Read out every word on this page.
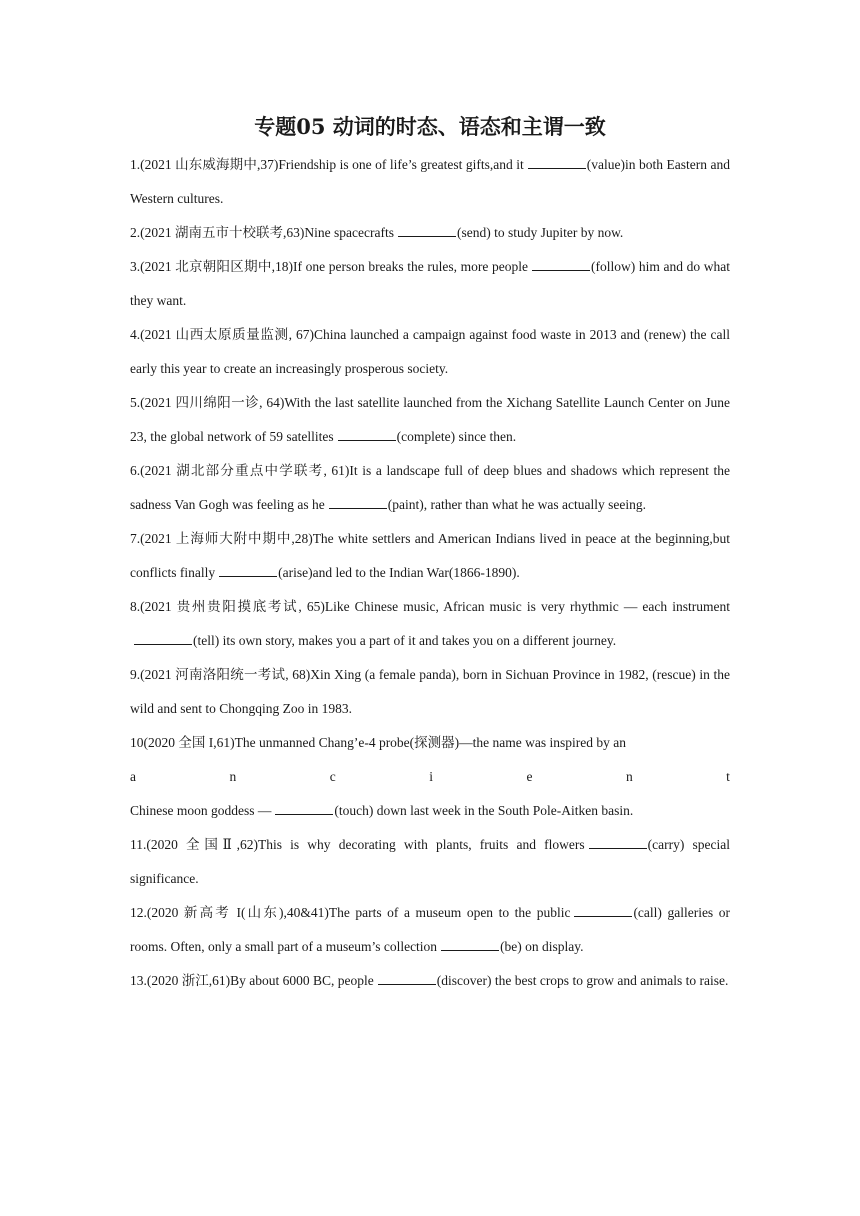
专题05 动词的时态、语态和主谓一致

1.(2021 山东威海期中,37)Friendship is one of life’s greatest gifts,and it	(value)in both Eastern and Western cultures.

2.(2021 湖南五市十校联考,63)Nine spacecrafts	(send) to study Jupiter by now.

3.(2021 北京朝阳区期中,18)If one person breaks the rules, more people	(follow) him and do what they want.

4.(2021 山西太原质量监测, 67)China launched a campaign against food waste in 2013 and (renew) the call early this year to create an increasingly prosperous society.

5.(2021 四川绵阳一诊, 64)With the last satellite launched from the Xichang Satellite Launch Center on June 23, the global network of 59 satellites	(complete) since then.

6.(2021 湖北部分重点中学联考, 61)It is a landscape full of deep blues and shadows which represent the sadness Van Gogh was feeling as he	(paint), rather than what he was actually seeing.

7.(2021 上海师大附中期中,28)The white settlers and American Indians lived in peace at the beginning,but conflicts finally	(arise)and led to the Indian War(1866-1890).

8.(2021 贵州贵阳摸底考试, 65)Like Chinese music, African music is very rhythmic — each instrument(tell) its own story, makes you a part of it and takes you on a different journey.

9.(2021 河南洛阳统一考试, 68)Xin Xing (a female panda), born in Sichuan Province in 1982, (rescue) in the wild and sent to Chongqing Zoo in 1983.

10(2020 全国 I,61)The unmanned Chang’e-4 probe(探测器)—the name was inspired by an

a	n	c	i	e	n	t

Chinese moon goddess —	(touch) down last week in the South Pole-Aitken basin.

11.(2020 全国Ⅱ,62)This is why decorating with plants, fruits and flowers	(carry) special significance.

12.(2020 新高考 I(山东),40&41)The parts of a museum open to the public	(call) galleries or rooms. Often, only a small part of a museum’s collection	(be) on display.

13.(2020 浙江,61)By about 6000 BC, people	(discover) the best crops to grow and animals to raise.
